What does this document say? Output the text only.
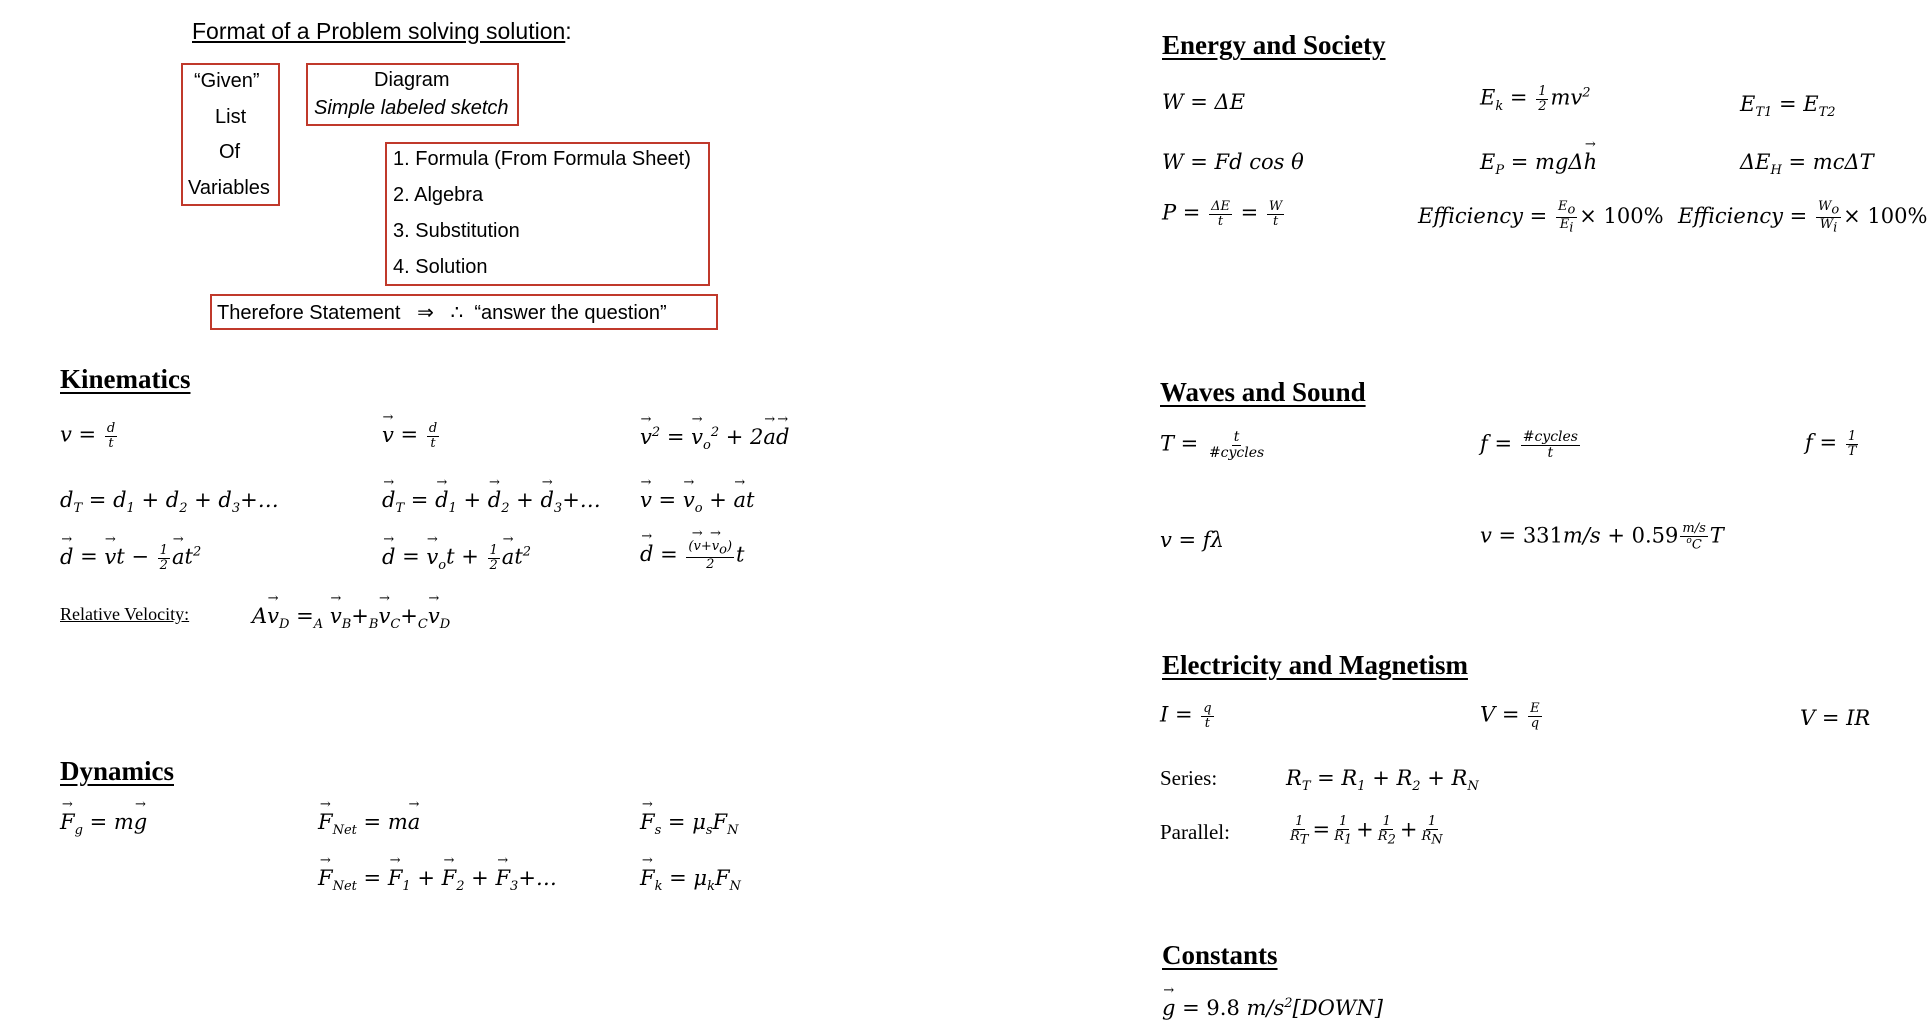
Format of a Problem solving solution:
“Given”
List
Of
Variables
Diagram
Simple labeled sketch
1. Formula (From Formula Sheet)
2. Algebra
3. Substitution
4. Solution
Therefore Statement   ⇒   ∴  “answer the question”
Kinematics
$v = \frac{d}{t}$
→	$v = \frac{d}{t}$
→	$v^2$ = → $v_o^2 + 2\to a\to d$
$d_T = d_1 + d_2$ + $d_3+\dots$
→	$d_T$ = → $d_1$ + → $d_2$ + → $d_3+\dots$
→ v = → $v_o$ + → at
→ d = → vt − $\frac{1}{2}$
→ $at^2$
→	d = → $v_ot + \frac{1}{2}$
→ $at^2$
→	$d = \frac{(\to v+\to v_o)}{2}$ t
Relative Velocity:	$A\to v_D =_A \to v_B+_B\to v_C+_C\to v_D$
Dynamics
→ $F_g = m\to g$
→	$F_{Net} = m\to a$
→	$F_s = \mu_sF_N$
→ $F_{Net}$ = → $F_1$ + → $F_2$ + → $F_3+\dots$
→	$F_k = \mu_kF_N$
Energy and Society
W = ΔE	$E_k = \frac{1}{2} mv^2$	$E_{T1} = E_{T2}$
W = Fd cos θ	$E_P = mg\Delta\to h$	$\Delta E_H = mc\Delta T$
$P = \frac{\Delta E}{t} = \frac{W}{t}$	Efficiency = $\frac{E_o}{E_i} \times 100\%$ Efficiency = $\frac{W_o}{W_i} \times 100\%$
Waves and Sound
$T = \frac{t}{\text{\#cycles}}$	$f = \frac{\text{\#cycles}}{t}$	$f = \frac{1}{T}$
v = fλ	$v = 331m/s + 0.59 \frac{m/s}{^oC}$ T
Electricity and Magnetism
$I = \frac{q}{t}$	$V = \frac{E}{q}$	V = IR
Series:	$R_T = R_1 + R_2 + R_N$
Parallel:	$\frac{1}{R_T} = \frac{1}{R_1} + \frac{1}{R_2} + \frac{1}{R_N}$
Constants
→ g = 9.8 $m/s^2[DOWN]$
